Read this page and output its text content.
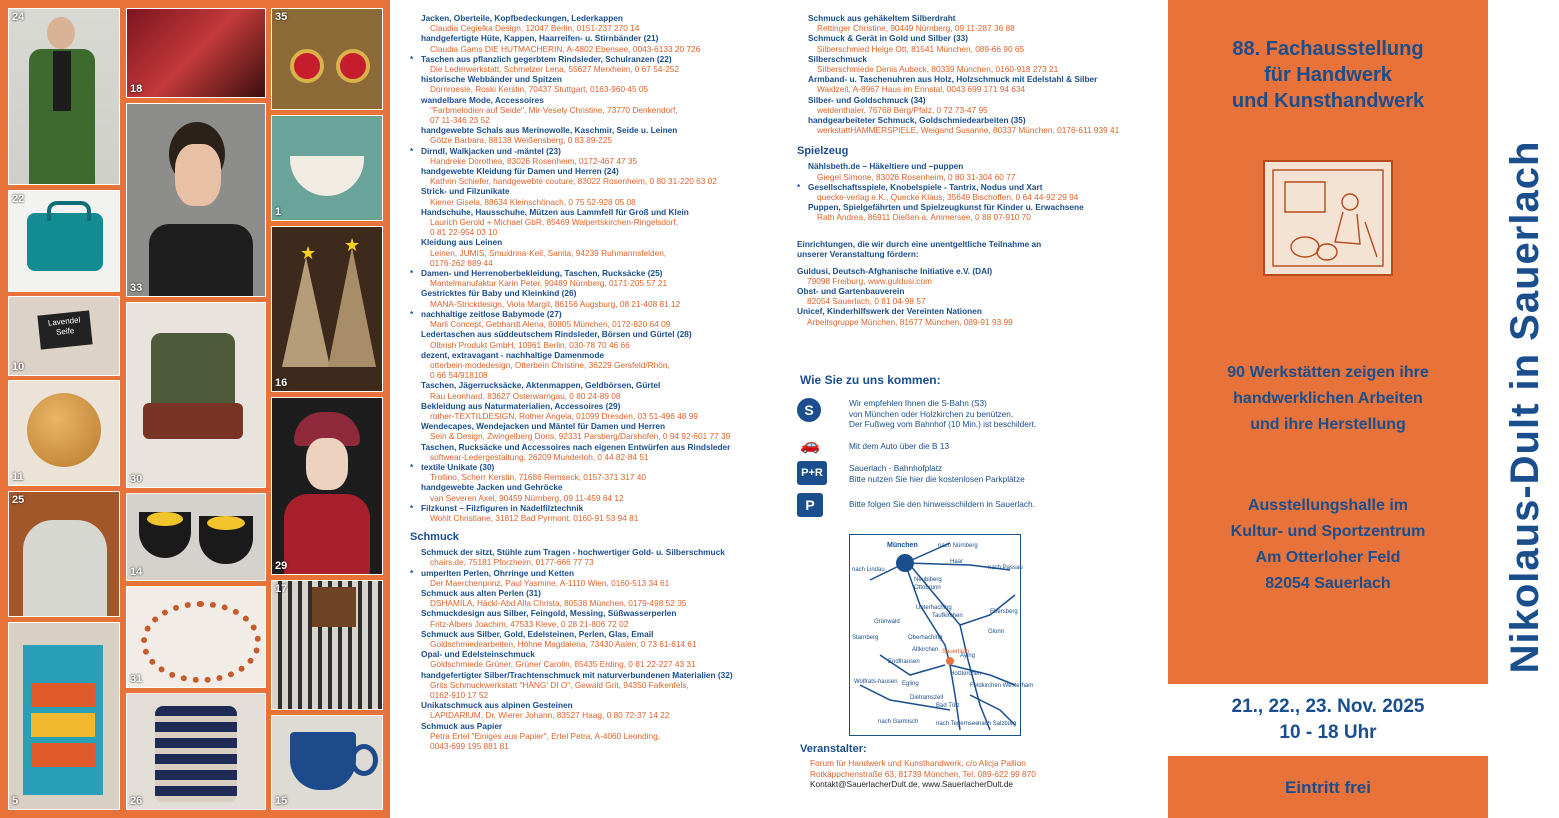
24
22
Lavendel Seife
10
11
25
5
18
33
30
14
31
26
35
1
★ ★
16
29
17
15
Jacken, Oberteile, Kopfbedeckungen, Lederkappen
Claudia Cegielka Design, 12047 Berlin, 0151-237 270 14
handgefertigte Hüte, Kappen, Haarreifen- u. Stirnbänder (21)
Claudia Gams DIE HUTMACHERIN, A-4802 Ebensee, 0043-6133 20 726
* Taschen aus pflanzlich gegerbtem Rindsleder, Schulranzen (22)
Die Lederwerkstatt, Schmelzer Lena, 55627 Merxheim, 0 67 54-252
historische Webbänder und Spitzen
Dornroesle, Roski Kerstin, 70437 Stuttgart, 0163-960 45 05
wandelbare Mode, Accessoires
"Farbmelodien auf Seide", Mir-Vesely Christine, 73770 Denkendorf,
07 11-346 23 52
handgewebte Schals aus Merinowolle, Kaschmir, Seide u. Leinen
Götze Barbara, 88138 Weißensberg, 0 83 89-225
* Dirndl, Walkjacken und -mäntel (23)
Handreke Dorothea, 83026 Rosenheim, 0172-467 47 35
handgewebte Kleidung für Damen und Herren (24)
Kathrin Schiefer, handgewebte couture, 83022 Rosenheim, 0 80 31-220 63 02
Strick- und Filzunikate
Kiener Gisela, 88634 Kleinschönach, 0 75 52-928 05 08
Handschuhe, Hausschuhe, Mützen aus Lammfell für Groß und Klein
Laurich Gerold + Michael GbR, 85469 Walpertskirchen-Ringelsdorf,
0 81 22-954 03 10
Kleidung aus Leinen
Leinen, JUMIS, Smuidrina-Keil, Sanita, 94239 Ruhmannsfelden,
0176-262 889 44
* Damen- und Herrenoberbekleidung, Taschen, Rucksäcke (25)
Mantelmanufaktur Karin Peter, 90489 Nürnberg, 0171-205 57 21
Gestricktes für Baby und Kleinkind (26)
MANA-Strickdesign, Viola Margit, 86156 Augsburg, 08 21-408 81 12
* nachhaltige zeitlose Babymode (27)
Marli Concept, Gebhardt Alena, 80805 München, 0172-820 64 09
Ledertaschen aus süddeutschem Rindsleder, Börsen und Gürtel (28)
Olbrish Produkt GmbH, 10961 Berlin, 030-78 70 46 66
dezent, extravagant - nachhaltige Damenmode
otterbein-modedesign, Otterbein Christine, 36229 Gersfeld/Rhön,
0 66 54/918108
Taschen, Jägerrucksäcke, Aktenmappen, Geldbörsen, Gürtel
Rau Leonhard, 83627 Osterwarngau, 0 80 24-89 08
Bekleidung aus Naturmaterialien, Accessoires (29)
rother-TEXTILDESIGN, Rother Angela, 01099 Dresden, 03 51-496 48 99
Wendecapes, Wendejacken und Mäntel für Damen und Herren
Sein & Design, Zwingelberg Doris, 92331 Parsberg/Darshofen, 0 94 92-601 77 39
Taschen, Rucksäcke und Accessoires nach eigenen Entwürfen aus Rindsleder
softwear-Ledergestaltung, 26209 Munderloh, 0 44 82-84 51
* textile Unikate (30)
Trollino, Scherr Kerstin, 71686 Remseck, 0157-371 317 40
handgewebte Jacken und Gehröcke
van Severen Axel, 90459 Nürnberg, 09 11-459 64 12
* Filzkunst – Filzfiguren in Nadelfilztechnik
Wohlt Christiane, 31812 Bad Pyrmont, 0160-91 53 94 81
Schmuck
Schmuck der sitzt, Stühle zum Tragen - hochwertiger Gold- u. Silberschmuck
chairs.de, 75181 Pforzheim, 0177-666 77 73
* umperlten Perlen, Ohrringe und Ketten
Der Maerchenprinz, Paul Yasmine, A-1110 Wien, 0160-513 34 61
Schmuck aus alten Perlen (31)
DSHAMILA, Häckl-Abd Alla Christa, 80538 München, 0179-498 52 35
Schmuckdesign aus Silber, Feingold, Messing, Süßwasserperlen
Fritz-Albers Joachim, 47533 Kleve, 0 28 21-806 72 02
Schmuck aus Silber, Gold, Edelsteinen, Perlen, Glas, Email
Goldschmiedearbeiten, Höhne Magdalena, 73430 Aalen, 0 73 61-614 61
Opal- und Edelsteinschmuck
Goldschmiede Grüner, Grüner Carolin, 85435 Erding, 0 81 22-227 43 31
handgefertigter Silber/Trachtenschmuck mit naturverbundenen Materialien (32)
Grits Schmuckwerkstatt "HÄNG' DI O", Gewald Grit, 94350 Falkenfels,
0162-910 17 52
Unikatschmuck aus alpinen Gesteinen
LAPIDARIUM, Dr. Wierer Johann, 83527 Haag, 0 80 72-37 14 22
Schmuck aus Papier
Petra Ertel "Einiges aus Papier", Ertel Petra, A-4060 Leonding,
0043-699 195 881 81
Schmuck aus gehäkeltem Silberdraht
Rettinger Christine, 90449 Nürnberg, 09 11-287 36 88
Schmuck & Gerät in Gold und Silber (33)
Silberschmied Helge Ott, 81541 München, 089-66 90 65
Silberschmuck
Silberschmiede Denis Aubeck, 80339 München, 0160-918 273 21
Armband- u. Taschenuhren aus Holz, Holzschmuck mit Edelstahl & Silber
Waidzeit, A-8967 Haus im Ennstal, 0043 699 171 94 634
Silber- und Goldschmuck (34)
weidenthaler, 76768 Berg/Pfalz, 0 72 73-47 95
handgearbeiteter Schmuck, Goldschmiedearbeiten (35)
werkstattHAMMERSPIELE, Weigand Susanne, 80337 München, 0176-611 939 41
Spielzeug
Nählsbeth.de – Häkeltiere und –puppen
Giegel Simone, 83026 Rosenheim, 0 80 31-304 60 77
* Gesellschaftsspiele, Knobelspiele - Tantrix, Nodus und Xart
quecke-verlag e.K., Quecke Klaus, 35649 Bischoffen, 0 64 44-92 29 94
Puppen, Spielgefährten und Spielzeugkunst für Kinder u. Erwachsene
Rath Andrea, 86911 Dießen a. Ammersee, 0 88 07-910 70
Einrichtungen, die wir durch eine unentgeltliche Teilnahme an unserer Veranstaltung fördern:
Guldusi, Deutsch-Afghanische Initiative e.V. (DAI)
79098 Freiburg, www.guldusi.com
Obst- und Gartenbauverein
82054 Sauerlach, 0 81 04-98 57
Unicef, Kinderhilfswerk der Vereinten Nationen
Arbeitsgruppe München, 81677 München, 089-91 93 99
Wie Sie zu uns kommen:
S	Wir empfehlen Ihnen die S-Bahn (S3)
von München oder Holzkirchen zu benützen.
Der Fußweg vom Bahnhof (10 Min.) ist beschildert.
🚗	Mit dem Auto über die B 13
P+R	Sauerlach - Bahnhofplatz
Bitte nutzen Sie hier die kostenlosen Parkplätze
P	Bitte folgen Sie den hinweisschildern in Sauerlach.
München	nach Nürnberg
nach Lindau
Haar
nach Passau
Neubiberg
Ottobrunn
Ebersberg
Unterhaching
Taufkirchen
Grünwald
Oberhaching
Glonn
Starnberg
Sauerlach
Endlhausen
Altkirchen
Aying
Egling
Wolfrats-hausen
Dietramszell
Feldkirchen Westerham
Holzkirchen
Bad Tölz
nach Garmisch	nach Tegernsee nach Salzburg
Veranstalter:
Forum für Handwerk und Kunsthandwerk, c/o Alicja Pallion
Rotkäppchenstraße 63, 81739 München, Tel. 089-622 99 870
Kontakt@SauerlacherDult.de, www.SauerlacherDult.de
88. Fachausstellung
für Handwerk
und Kunsthandwerk
90 Werkstätten zeigen ihre
handwerklichen Arbeiten
und ihre Herstellung
Ausstellungshalle im
Kultur- und Sportzentrum
Am Otterloher Feld
82054 Sauerlach
21., 22., 23. Nov. 2025
10 - 18 Uhr
Eintritt frei
Nikolaus-Dult in Sauerlach
